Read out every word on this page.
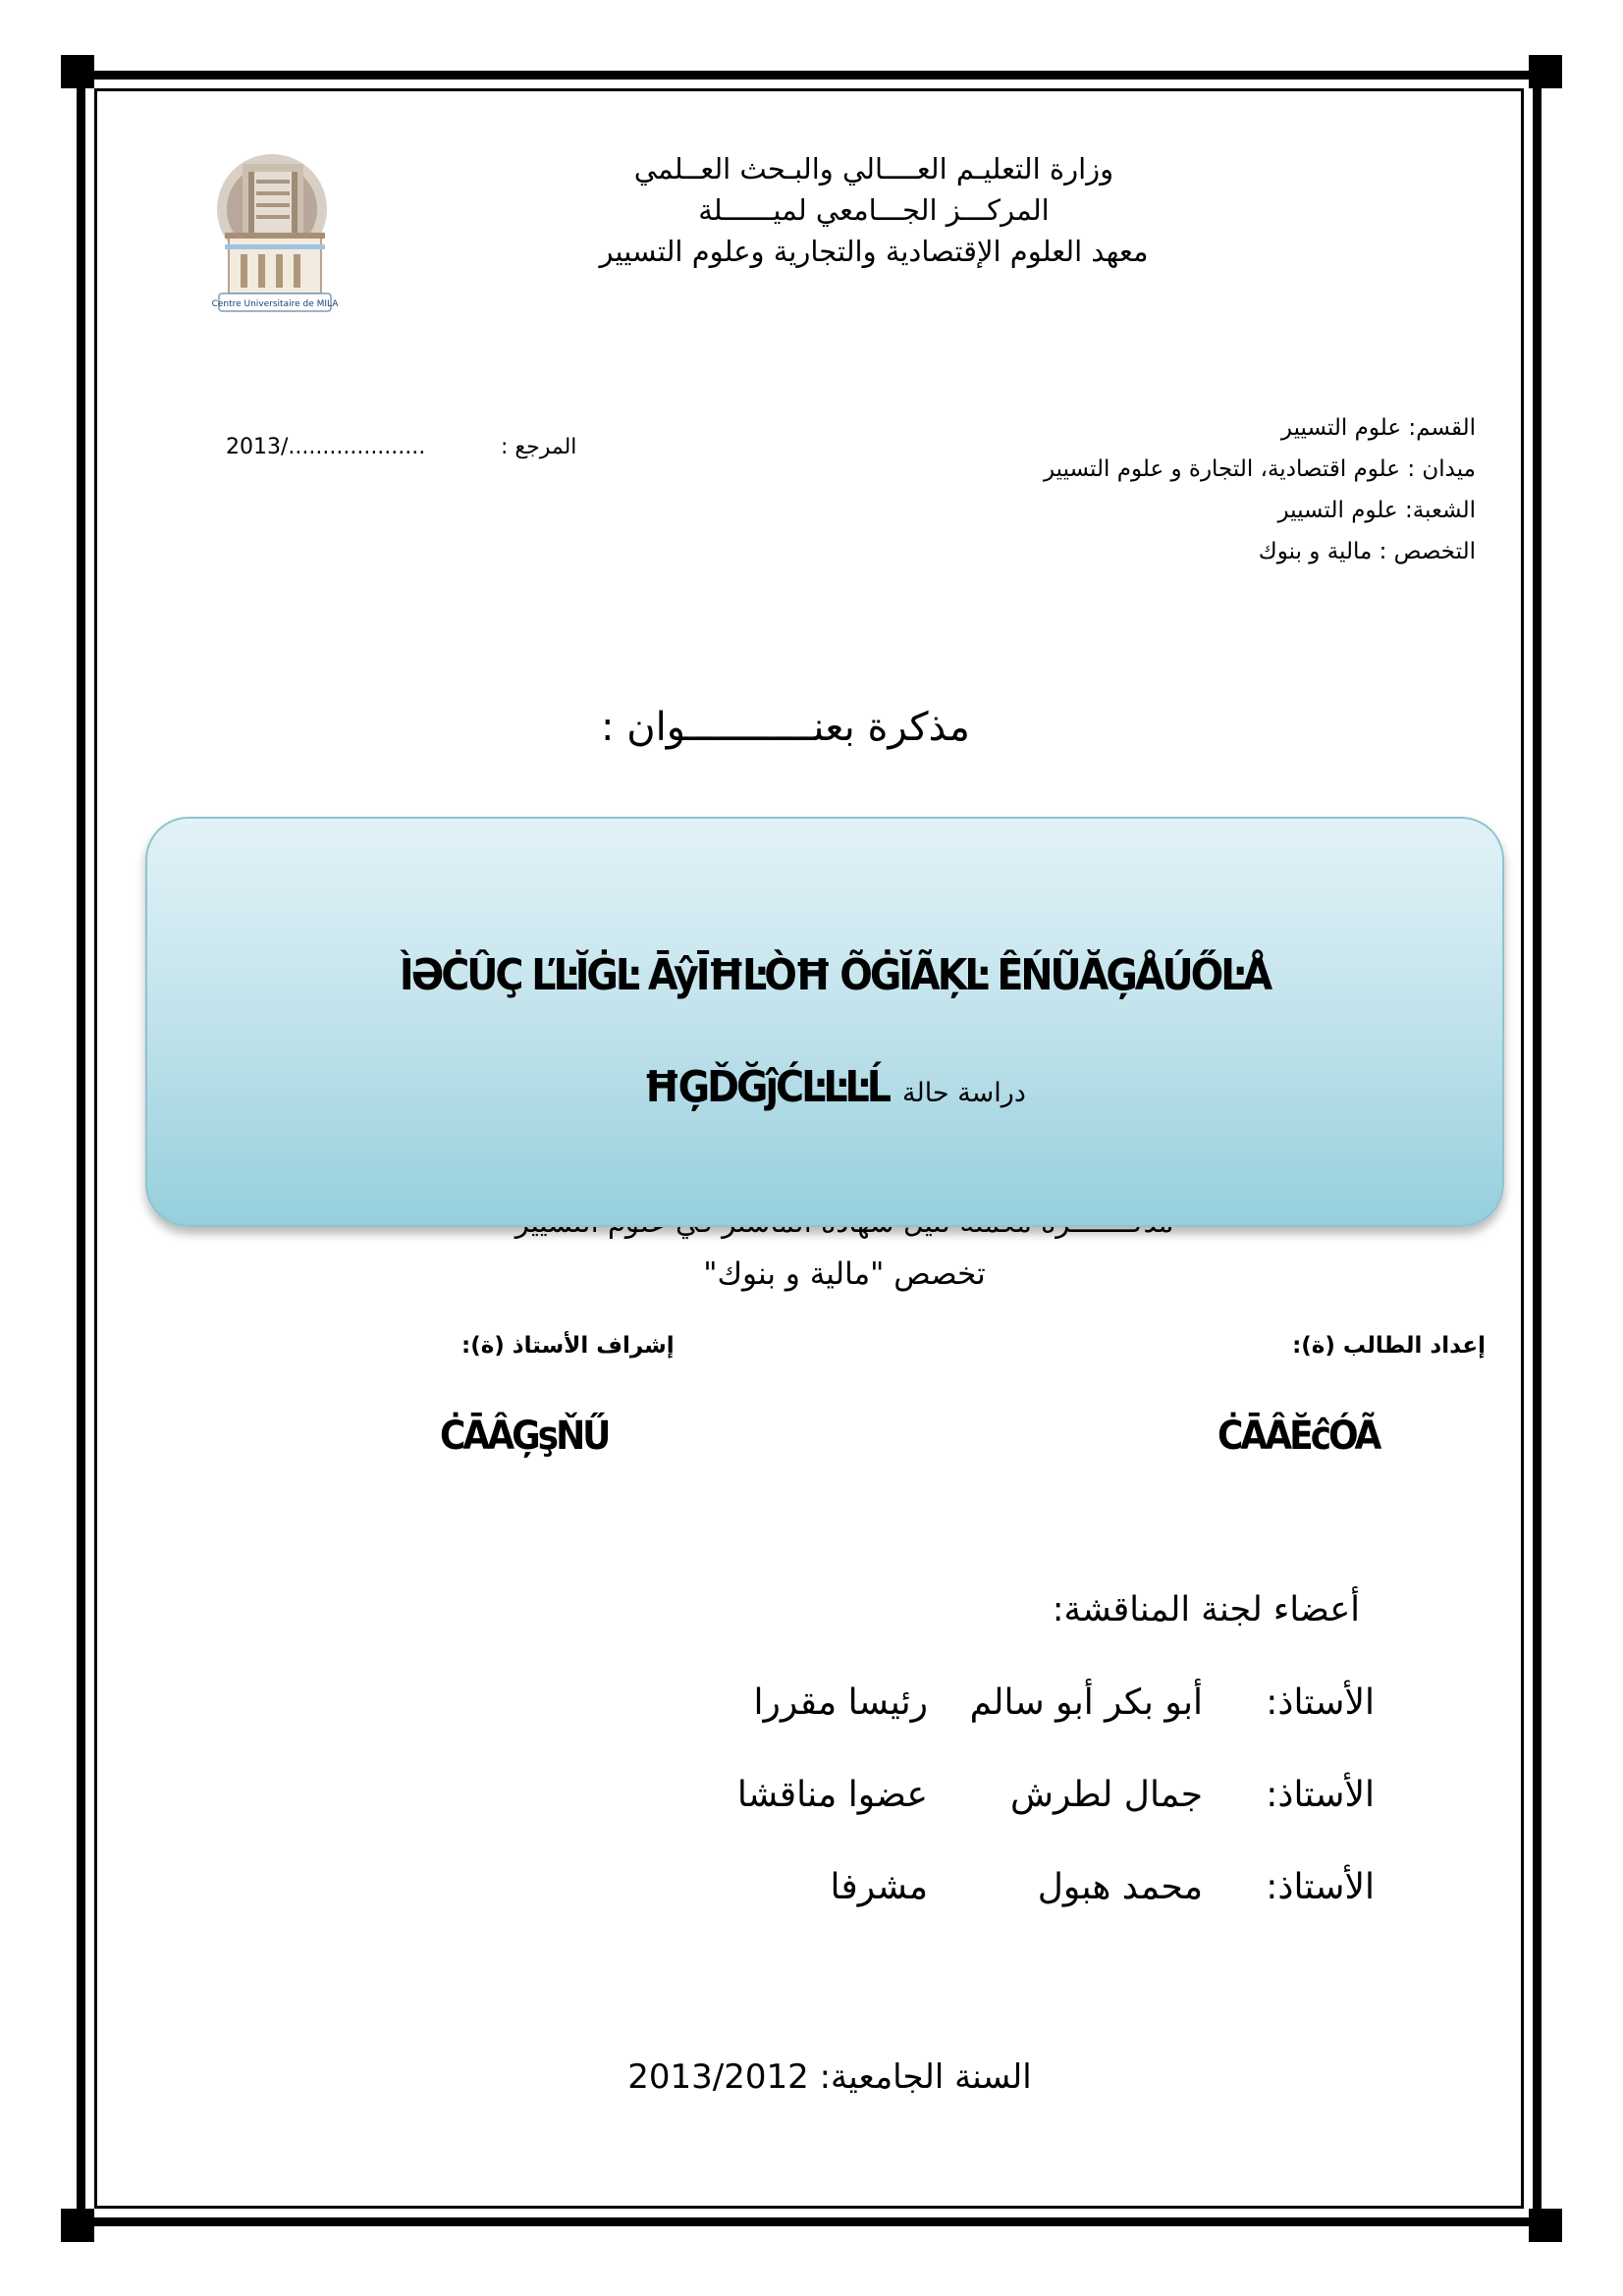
Centre Universitaire de MILA
وزارة التعليـم العــــالي والبـحث العــلمي
المركـــز الجـــامعي لميــــــلة
معهد العلوم الإقتصادية والتجارية وعلوم التسيير
القسم: علوم التسيير
ميدان : علوم اقتصادية، التجارة و علوم التسيير
الشعبة: علوم التسيير
التخصص : مالية و بنوك
2013/....................	المرجع :
مذكرة بعنـــــــــــوان :
تخصص "مالية و بنوك"
ÌƏĊÛÇ ĽĿĬĠĿ ĀŷĪĦĿÒĦ ÕĠĬÃĶĿ ÊŃŨĂĢÅÚŐĿÅ
ĦĢĎĞĵĆĿĿĿĹ دراسة حالة
إعداد الطالب (ة):
إشراف الأستاذ (ة):
ĊĀÂĔĉÓÃ
ĊĀÂĢşŇŰ
أعضاء لجنة المناقشة:
الأستاذ:
أبو بكر أبو سالم
رئيسا مقررا
الأستاذ:
جمال لطرش
عضوا مناقشا
الأستاذ:
محمد هبول
مشرفا
السنة الجامعية: 2013/2012
